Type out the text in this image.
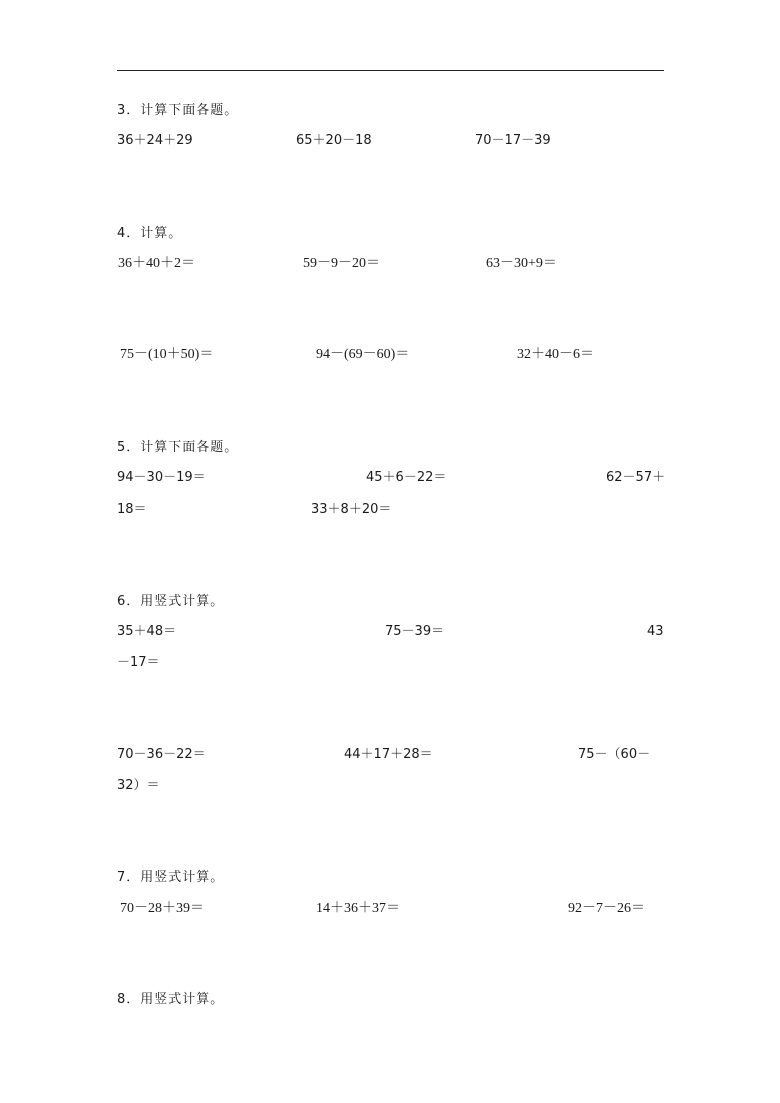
3．计算下面各题。
36＋24＋29	65＋20－18	70－17－39
4．计算。
36＋40＋2＝	59－9－20＝	63－30+9＝
75－(10＋50)＝	94－(69－60)＝	32＋40－6＝
5．计算下面各题。
94－30－19＝	45＋6－22＝	62－57＋
18＝	33＋8＋20＝
6．用竖式计算。
35＋48＝	75－39＝	43
－17＝
70－36－22＝	44＋17＋28＝	75－（60－
32）＝
7．用竖式计算。
70－28＋39＝	14＋36＋37＝	92－7－26＝
8．用竖式计算。
